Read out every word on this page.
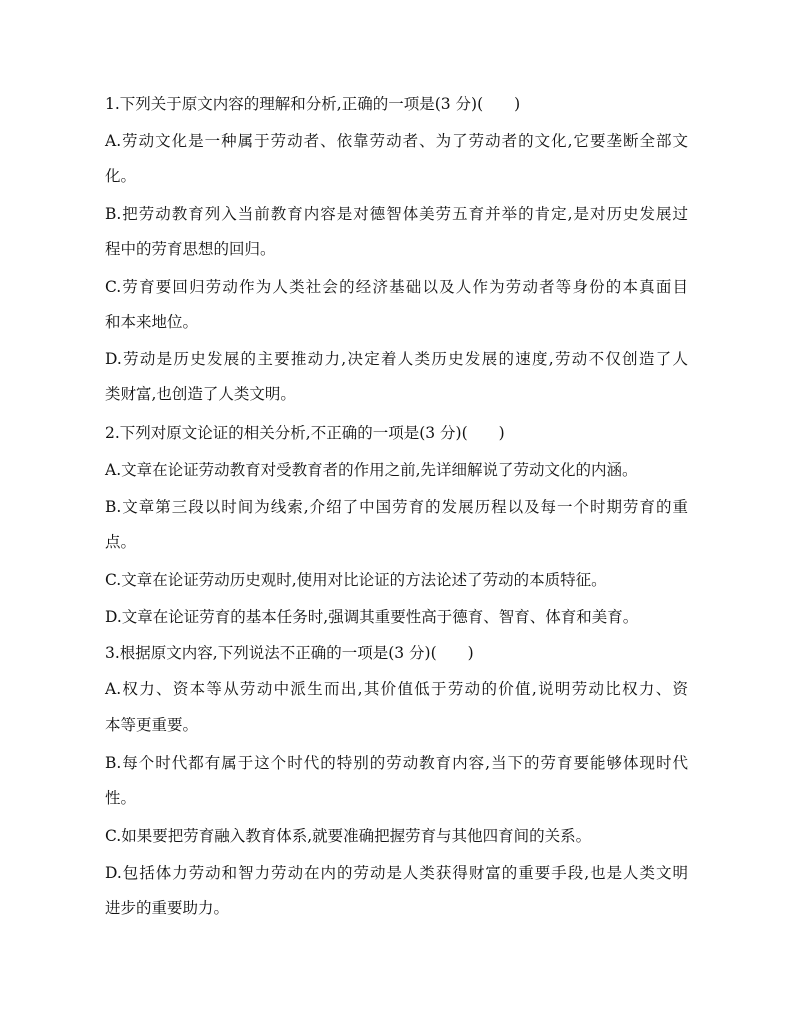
1.下列关于原文内容的理解和分析,正确的一项是(3 分)(　　)
A.劳动文化是一种属于劳动者、依靠劳动者、为了劳动者的文化,它要垄断全部文
化。
B.把劳动教育列入当前教育内容是对德智体美劳五育并举的肯定,是对历史发展过
程中的劳育思想的回归。
C.劳育要回归劳动作为人类社会的经济基础以及人作为劳动者等身份的本真面目
和本来地位。
D.劳动是历史发展的主要推动力,决定着人类历史发展的速度,劳动不仅创造了人
类财富,也创造了人类文明。
2.下列对原文论证的相关分析,不正确的一项是(3 分)(　　)
A.文章在论证劳动教育对受教育者的作用之前,先详细解说了劳动文化的内涵。
B.文章第三段以时间为线索,介绍了中国劳育的发展历程以及每一个时期劳育的重
点。
C.文章在论证劳动历史观时,使用对比论证的方法论述了劳动的本质特征。
D.文章在论证劳育的基本任务时,强调其重要性高于德育、智育、体育和美育。
3.根据原文内容,下列说法不正确的一项是(3 分)(　　)
A.权力、资本等从劳动中派生而出,其价值低于劳动的价值,说明劳动比权力、资
本等更重要。
B.每个时代都有属于这个时代的特别的劳动教育内容,当下的劳育要能够体现时代
性。
C.如果要把劳育融入教育体系,就要准确把握劳育与其他四育间的关系。
D.包括体力劳动和智力劳动在内的劳动是人类获得财富的重要手段,也是人类文明
进步的重要助力。
